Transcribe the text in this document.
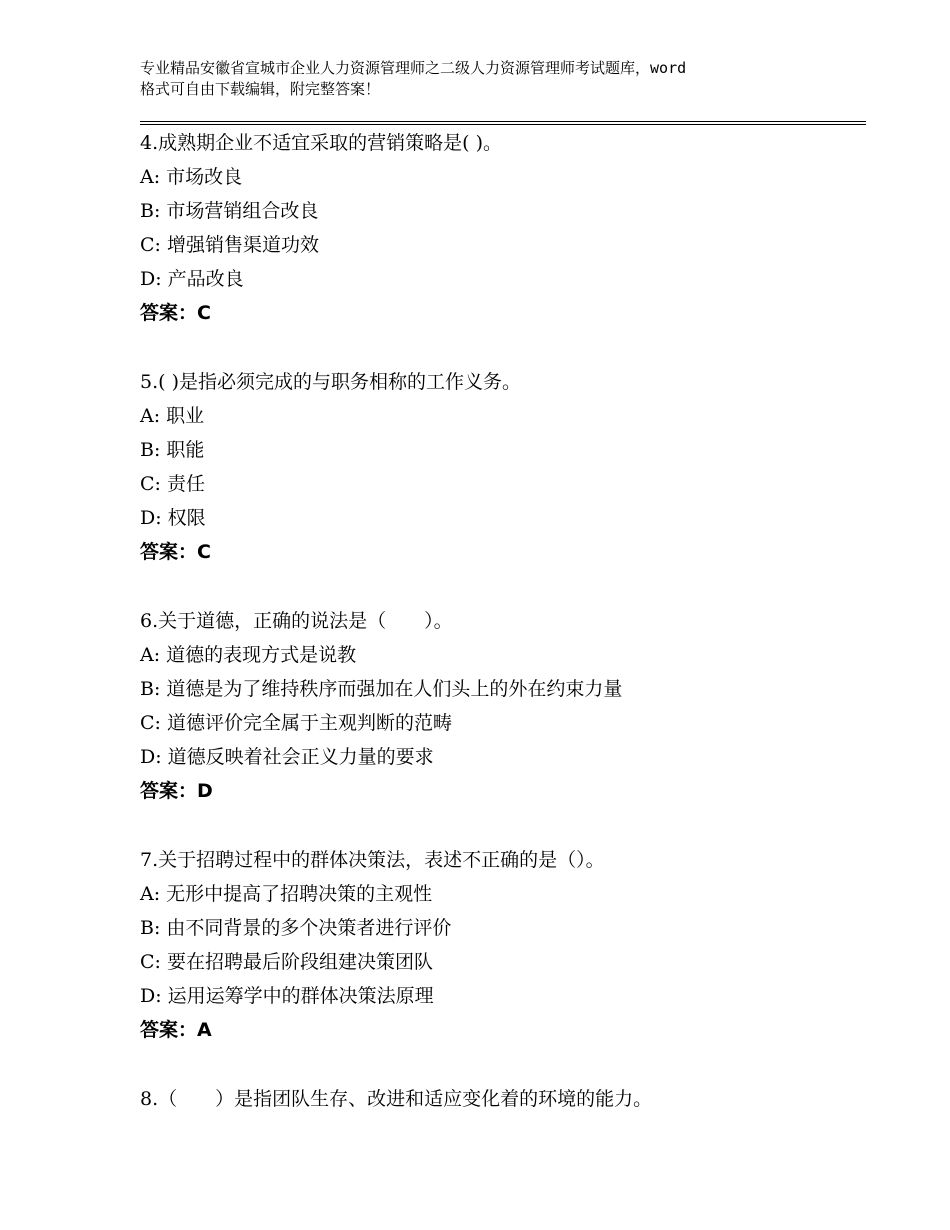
专业精品安徽省宣城市企业人力资源管理师之二级人力资源管理师考试题库，word
格式可自由下载编辑，附完整答案！
4.成熟期企业不适宜采取的营销策略是( )。
A: 市场改良
B: 市场营销组合改良
C: 增强销售渠道功效
D: 产品改良
答案：C
5.( )是指必须完成的与职务相称的工作义务。
A: 职业
B: 职能
C: 责任
D: 权限
答案：C
6.关于道德，正确的说法是（　　）。
A: 道德的表现方式是说教
B: 道德是为了维持秩序而强加在人们头上的外在约束力量
C: 道德评价完全属于主观判断的范畴
D: 道德反映着社会正义力量的要求
答案：D
7.关于招聘过程中的群体决策法，表述不正确的是（）。
A: 无形中提高了招聘决策的主观性
B: 由不同背景的多个决策者进行评价
C: 要在招聘最后阶段组建决策团队
D: 运用运筹学中的群体决策法原理
答案：A
8.（　　）是指团队生存、改进和适应变化着的环境的能力。
